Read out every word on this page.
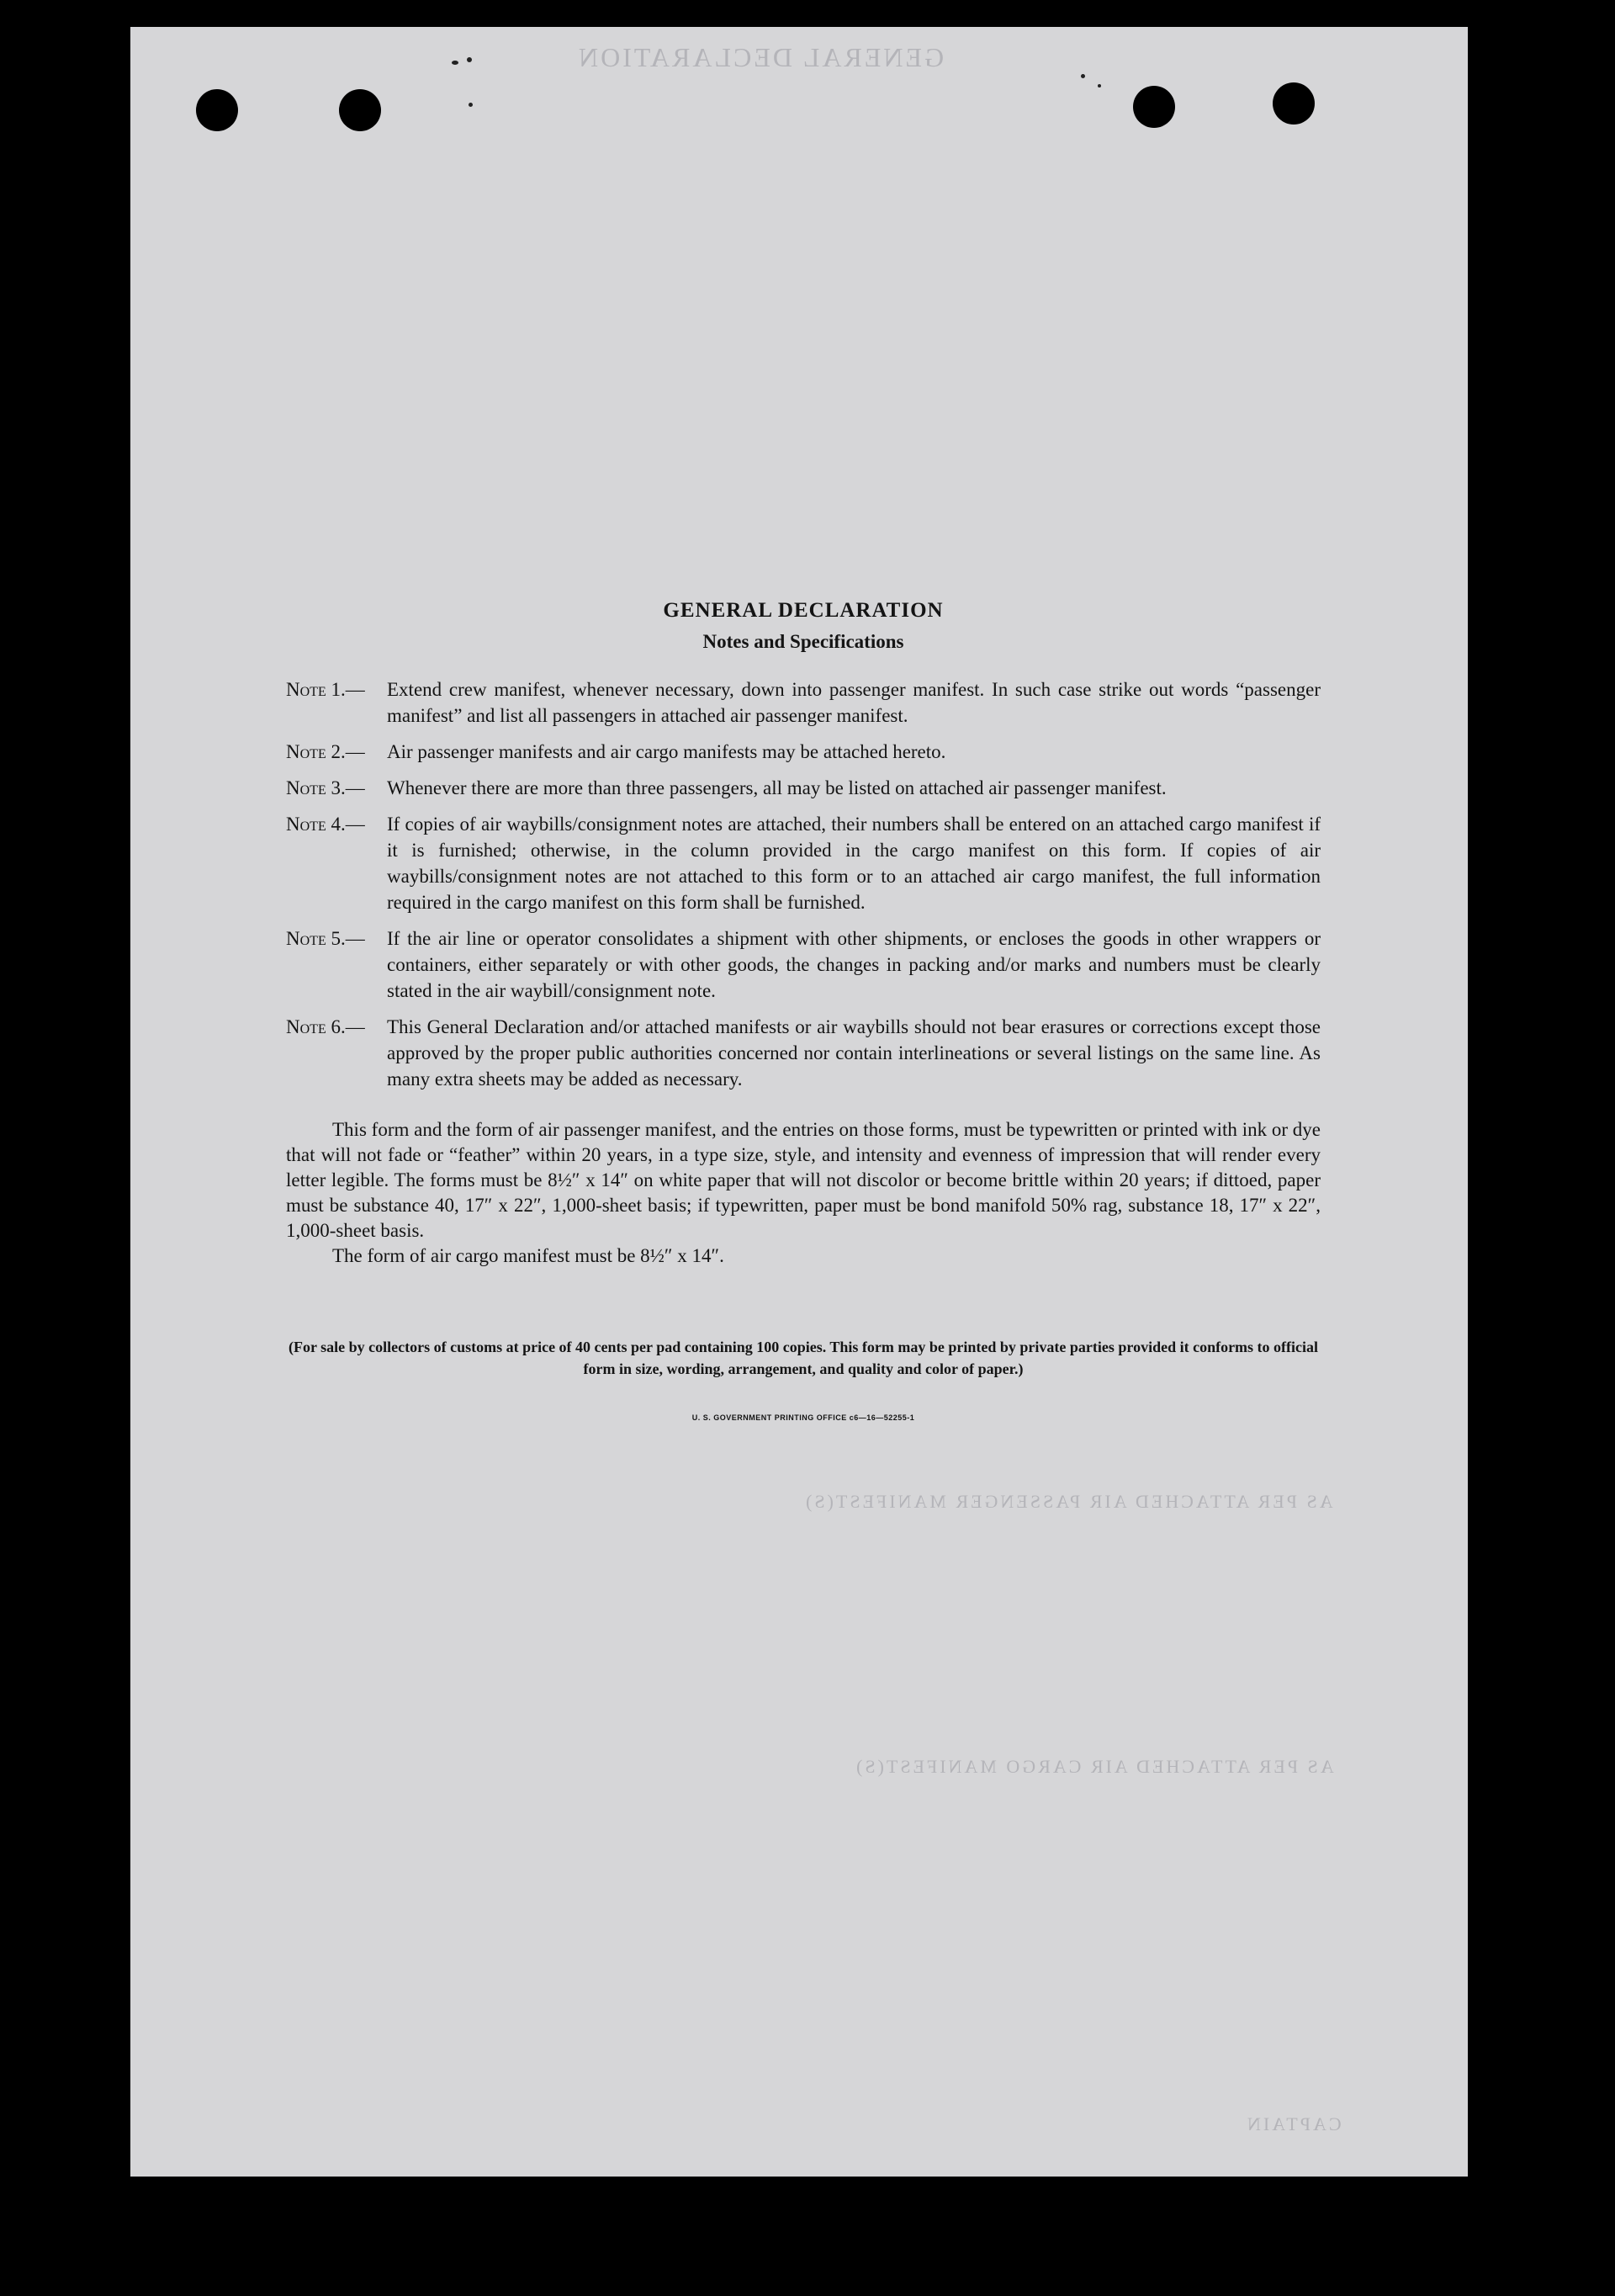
GENERAL DECLARATION
AS PER ATTACHED AIR PASSENGER MANIFEST(S)
AS PER ATTACHED AIR CARGO MANIFEST(S)
CAPTAIN
GENERAL DECLARATION
Notes and Specifications
Note 1.—	Extend crew manifest, whenever necessary, down into passenger manifest. In such case strike out words “passenger manifest” and list all passengers in attached air passenger manifest.
Note 2.—	Air passenger manifests and air cargo manifests may be attached hereto.
Note 3.—	Whenever there are more than three passengers, all may be listed on attached air passenger manifest.
Note 4.—	If copies of air waybills/consignment notes are attached, their numbers shall be entered on an attached cargo manifest if it is furnished; otherwise, in the column provided in the cargo manifest on this form. If copies of air waybills/consignment notes are not attached to this form or to an attached air cargo manifest, the full information required in the cargo manifest on this form shall be furnished.
Note 5.—	If the air line or operator consolidates a shipment with other shipments, or encloses the goods in other wrappers or containers, either separately or with other goods, the changes in packing and/or marks and numbers must be clearly stated in the air waybill/consignment note.
Note 6.—	This General Declaration and/or attached manifests or air waybills should not bear erasures or corrections except those approved by the proper public authorities concerned nor contain interlineations or several listings on the same line. As many extra sheets may be added as necessary.
This form and the form of air passenger manifest, and the entries on those forms, must be typewritten or printed with ink or dye that will not fade or “feather” within 20 years, in a type size, style, and intensity and evenness of impression that will render every letter legible. The forms must be 8½″ x 14″ on white paper that will not discolor or become brittle within 20 years; if dittoed, paper must be substance 40, 17″ x 22″, 1,000-sheet basis; if typewritten, paper must be bond manifold 50% rag, substance 18, 17″ x 22″, 1,000-sheet basis.
The form of air cargo manifest must be 8½″ x 14″.
(For sale by collectors of customs at price of 40 cents per pad containing 100 copies. This form may be printed by private parties provided it conforms to official form in size, wording, arrangement, and quality and color of paper.)
U. S. GOVERNMENT PRINTING OFFICE c6—16—52255-1
